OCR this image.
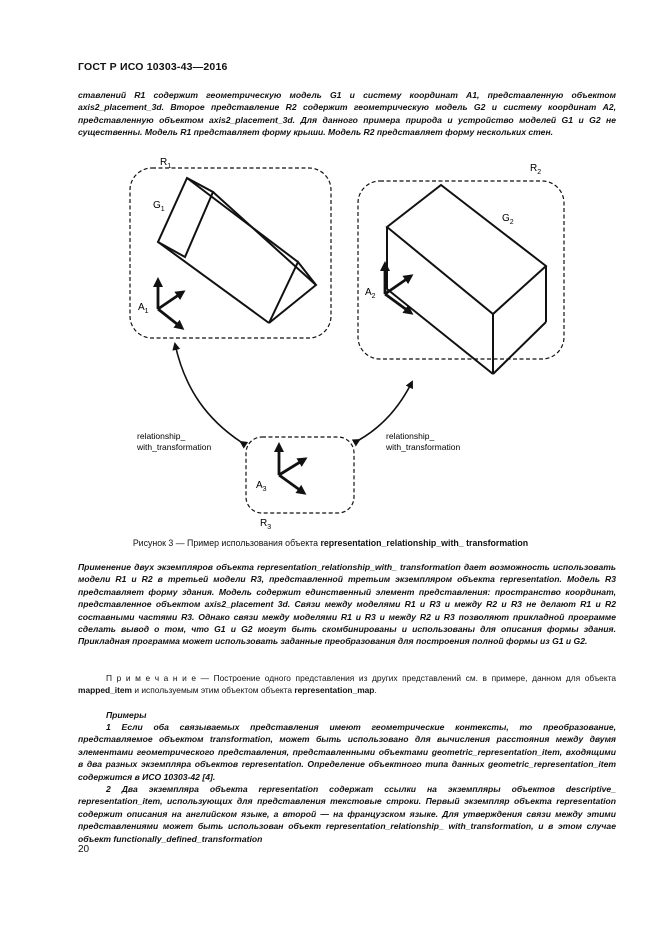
ГОСТ Р ИСО 10303-43—2016
ставлений R1 содержит геометрическую модель G1 и систему координат A1, представленную объектом axis2_placement_3d. Второе представление R2 содержит геометрическую модель G2 и систему координат A2, представленную объектом axis2_placement_3d. Для данного примера природа и устройство моделей G1 и G2 не существенны. Модель R1 представляет форму крыши. Модель R2 представляет форму нескольких стен.
$R_1$	$R_2$
$R_3$
$G_1$
$G_2$
$A_1$
$A_2$
$A_3$
relationship_
with_transformation
relationship_
with_transformation
Рисунок 3 — Пример использования объекта representation_relationship_with_ transformation
Применение двух экземпляров объекта representation_relationship_with_ transformation дает возможность использовать модели R1 и R2 в третьей модели R3, представленной третьим экземпляром объекта representation. Модель R3 представляет форму здания. Модель содержит единственный элемент представления: пространство координат, представленное объектом axis2_placement 3d. Связи между моделями R1 и R3 и между R2 и R3 не делают R1 и R2 составными частями R3. Однако связи между моделями R1 и R3 и между R2 и R3 позволяют прикладной программе сделать вывод о том, что G1 и G2 могут быть скомбинированы и использованы для описания формы здания. Прикладная программа может использовать заданные преобразования для построения полной формы из G1 и G2.
П р и м е ч а н и е — Построение одного представления из других представлений см. в примере, данном для объекта mapped_item и используемым этим объектом объекта representation_map.
Примеры
1 Если оба связываемых представления имеют геометрические контексты, то преобразование, представляемое объектом transformation, может быть использовано для вычисления расстояния между двумя элементами геометрического представления, представленными объектами geometric_representation_item, входящими в два разных экземпляра объектов representation. Определение объектного типа данных geometric_representation_item содержится в ИСО 10303-42 [4].
2 Два экземпляра объекта representation содержат ссылки на экземпляры объектов descriptive_ representation_item, использующих для представления текстовые строки. Первый экземпляр объекта representation содержит описания на английском языке, а второй — на французском языке. Для утверждения связи между этими представлениями может быть использован объект representation_relationship_ with_transformation, и в этом случае объект functionally_defined_transformation
20
